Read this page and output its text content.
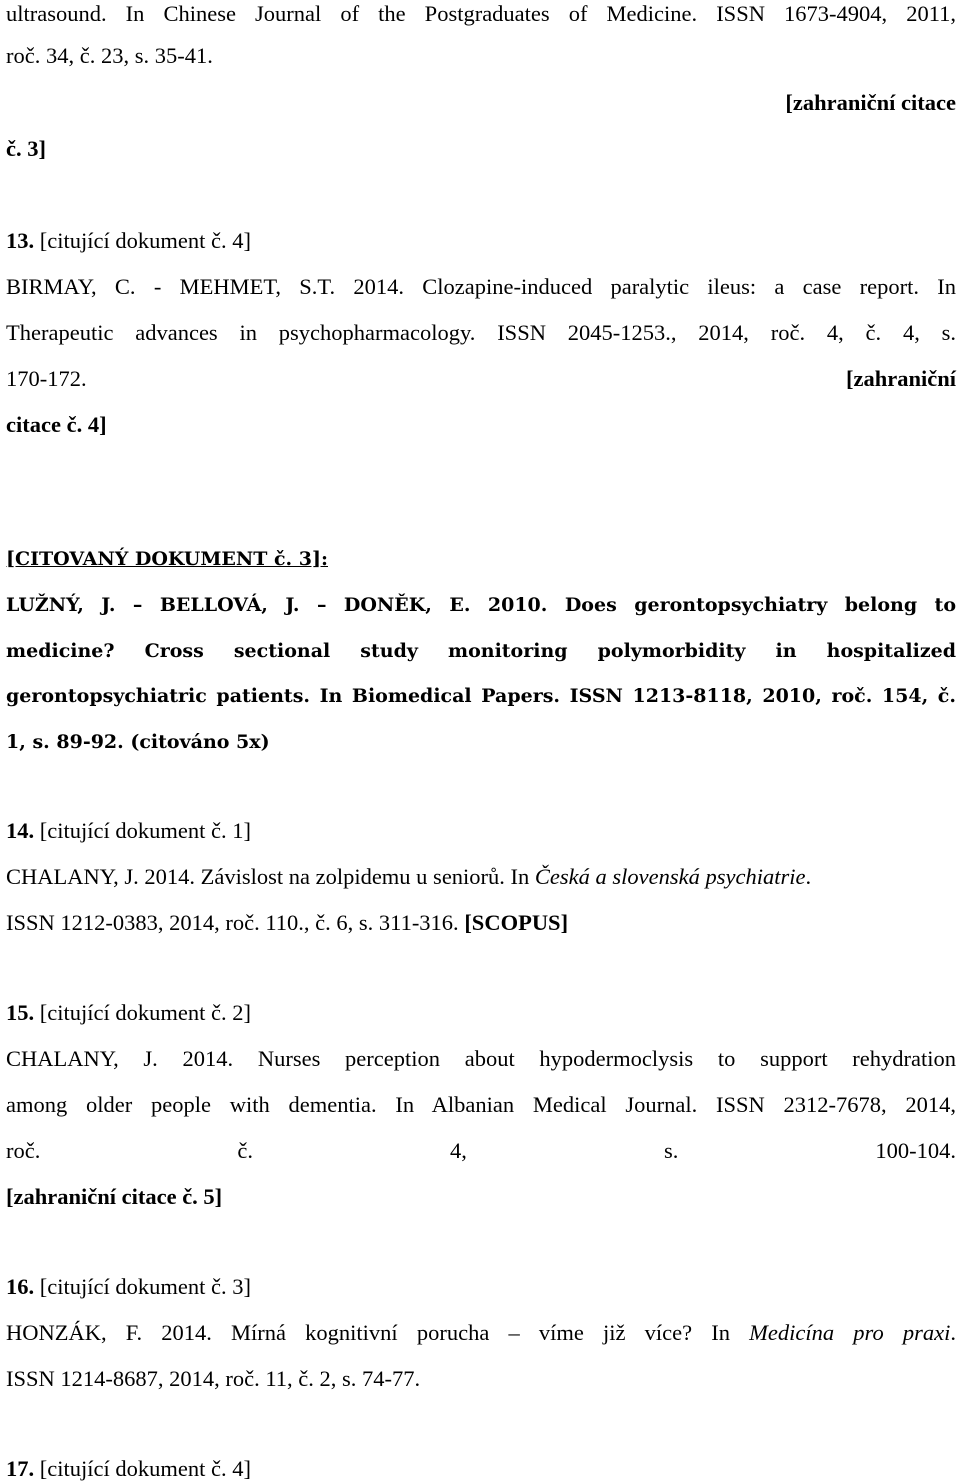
ultrasound. In Chinese Journal of the Postgraduates of Medicine. ISSN 1673-4904, 2011,
roč. 34, č. 23, s. 35-41.
[zahraniční citace
č. 3]
13. [citující dokument č. 4]
BIRMAY, C. - MEHMET, S.T. 2014. Clozapine-induced paralytic ileus: a case report. In
Therapeutic advances in psychopharmacology. ISSN 2045-1253., 2014, roč. 4, č. 4, s.
170-172.	[zahraniční
citace č. 4]
[CITOVANÝ DOKUMENT č. 3]:
LUŽNÝ, J. – BELLOVÁ, J. – DONĚK, E. 2010. Does gerontopsychiatry belong to
medicine? Cross sectional study monitoring polymorbidity in hospitalized
gerontopsychiatric patients. In Biomedical Papers. ISSN 1213-8118, 2010, roč. 154, č.
1, s. 89-92. (citováno 5x)
14. [citující dokument č. 1]
CHALANY, J. 2014. Závislost na zolpidemu u seniorů. In Česká a slovenská psychiatrie.
ISSN 1212-0383, 2014, roč. 110., č. 6, s. 311-316. [SCOPUS]
15. [citující dokument č. 2]
CHALANY, J. 2014. Nurses perception about hypodermoclysis to support rehydration
among older people with dementia. In Albanian Medical Journal. ISSN 2312-7678, 2014,
roč. č. 4, s. 100-104.
[zahraniční citace č. 5]
16. [citující dokument č. 3]
HONZÁK, F. 2014. Mírná kognitivní porucha – víme již více? In Medicína pro praxi.
ISSN 1214-8687, 2014, roč. 11, č. 2, s. 74-77.
17. [citující dokument č. 4]
